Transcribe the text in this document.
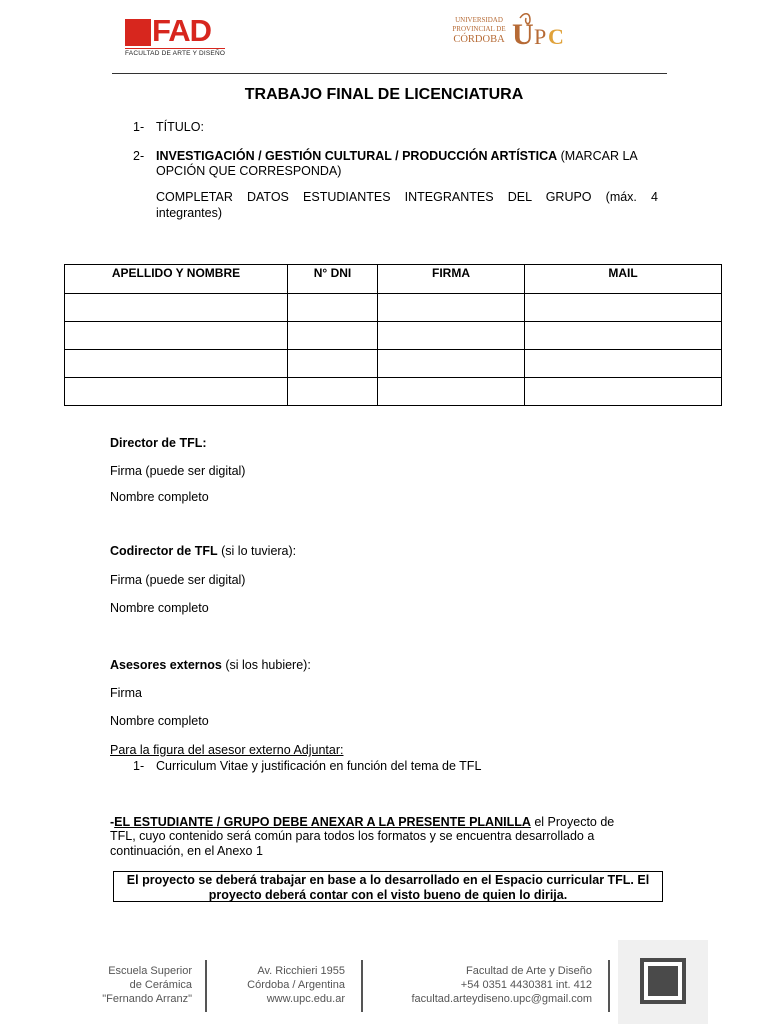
FAD
FACULTAD DE ARTE Y DISEÑO
UNIVERSIDAD
PROVINCIAL DE
CÓRDOBA U P C
TRABAJO FINAL DE LICENCIATURA
1- TÍTULO:
2- INVESTIGACIÓN / GESTIÓN CULTURAL / PRODUCCIÓN ARTÍSTICA (MARCAR LA
OPCIÓN QUE CORRESPONDA)
COMPLETAR DATOS ESTUDIANTES INTEGRANTES DEL GRUPO (máx. 4
integrantes)
APELLIDO Y NOMBRE	N° DNI	FIRMA	MAIL

Director de TFL:
Firma (puede ser digital)
Nombre completo
Codirector de TFL (si lo tuviera):
Firma (puede ser digital)
Nombre completo
Asesores externos (si los hubiere):
Firma
Nombre completo
Para la figura del asesor externo Adjuntar:
1- Curriculum Vitae y justificación en función del tema de TFL
-EL ESTUDIANTE / GRUPO DEBE ANEXAR A LA PRESENTE PLANILLA el Proyecto de
TFL, cuyo contenido será común para todos los formatos y se encuentra desarrollado a
continuación, en el Anexo 1
El proyecto se deberá trabajar en base a lo desarrollado en el Espacio curricular TFL. El
proyecto deberá contar con el visto bueno de quien lo dirija.
Escuela Superior
de Cerámica
"Fernando Arranz"
Av. Ricchieri 1955
Córdoba / Argentina
www.upc.edu.ar
Facultad de Arte y Diseño
+54 0351 4430381 int. 412
facultad.arteydiseno.upc@gmail.com
